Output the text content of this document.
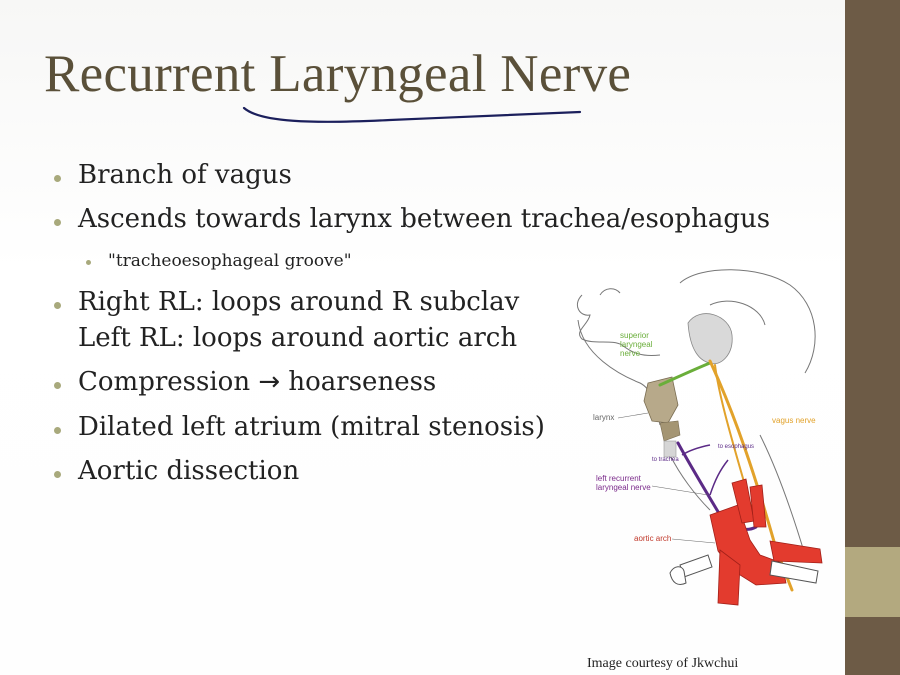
Recurrent Laryngeal Nerve
Branch of vagus
Ascends towards larynx between trachea/esophagus
"tracheoesophageal groove"
Right RL: loops around R subclav
Left RL: loops around aortic arch
Compression → hoarseness
Dilated left atrium (mitral stenosis)
Aortic dissection
superior
laryngeal
nerve
larynx	vagus nerve
to esophagus
to trachea
left recurrent
laryngeal nerve
aortic arch
Image courtesy of Jkwchui
